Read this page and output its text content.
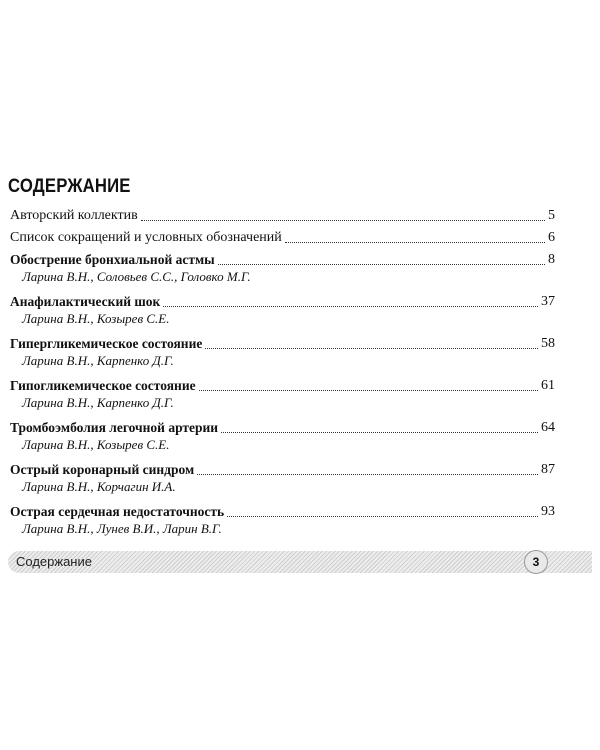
СОДЕРЖАНИЕ
Авторский коллектив	5
Список сокращений и условных обозначений	6
Обострение бронхиальной астмы	8
Ларина В.Н., Соловьев С.С., Головко М.Г.
Анафилактический шок	37
Ларина В.Н., Козырев С.Е.
Гипергликемическое состояние	58
Ларина В.Н., Карпенко Д.Г.
Гипогликемическое состояние	61
Ларина В.Н., Карпенко Д.Г.
Тромбоэмболия легочной артерии	64
Ларина В.Н., Козырев С.Е.
Острый коронарный синдром	87
Ларина В.Н., Корчагин И.А.
Острая сердечная недостаточность	93
Ларина В.Н., Лунев В.И., Ларин В.Г.
Содержание	3
